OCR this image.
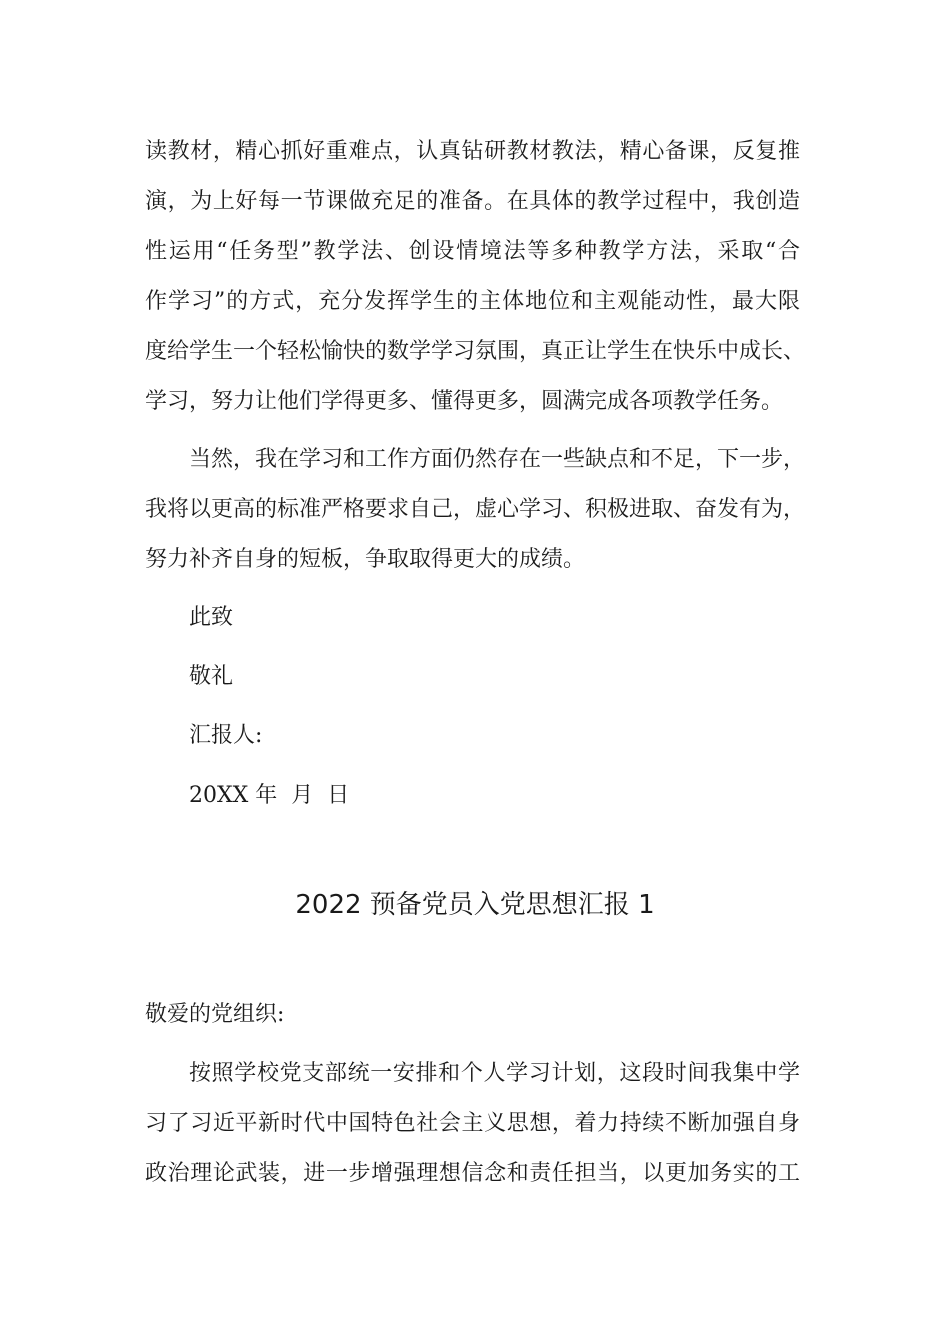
读教材，精心抓好重难点，认真钻研教材教法，精心备课，反复推
演，为上好每一节课做充足的准备。在具体的教学过程中，我创造
性运用“任务型”教学法、创设情境法等多种教学方法，采取“合
作学习”的方式，充分发挥学生的主体地位和主观能动性，最大限
度给学生一个轻松愉快的数学学习氛围，真正让学生在快乐中成长、
学习，努力让他们学得更多、懂得更多，圆满完成各项教学任务。
当然，我在学习和工作方面仍然存在一些缺点和不足，下一步，
我将以更高的标准严格要求自己，虚心学习、积极进取、奋发有为，
努力补齐自身的短板，争取取得更大的成绩。
此致
敬礼
汇报人:
20XX 年  月  日
2022 预备党员入党思想汇报 1
敬爱的党组织:
按照学校党支部统一安排和个人学习计划，这段时间我集中学
习了习近平新时代中国特色社会主义思想，着力持续不断加强自身
政治理论武装，进一步增强理想信念和责任担当，以更加务实的工
